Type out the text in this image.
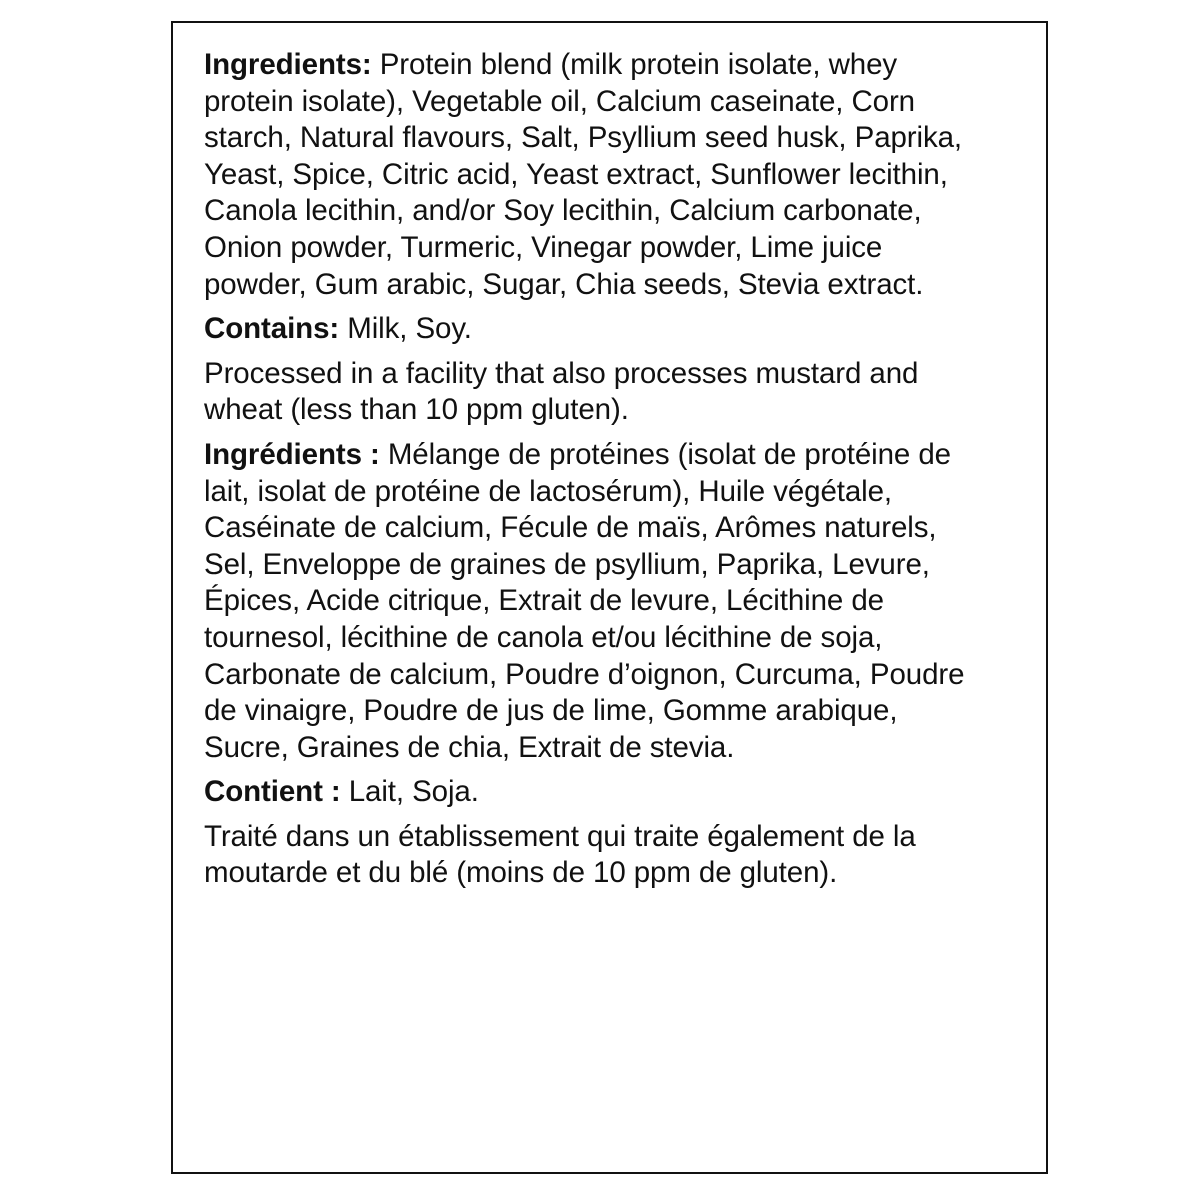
Ingredients: Protein blend (milk protein isolate, whey
protein isolate), Vegetable oil, Calcium caseinate, Corn
starch, Natural flavours, Salt, Psyllium seed husk, Paprika,
Yeast, Spice, Citric acid, Yeast extract, Sunflower lecithin,
Canola lecithin, and/or Soy lecithin, Calcium carbonate,
Onion powder, Turmeric, Vinegar powder, Lime juice
powder, Gum arabic, Sugar, Chia seeds, Stevia extract.
Contains: Milk, Soy.
Processed in a facility that also processes mustard and
wheat (less than 10 ppm gluten).
Ingrédients : Mélange de protéines (isolat de protéine de
lait, isolat de protéine de lactosérum), Huile végétale,
Caséinate de calcium, Fécule de maïs, Arômes naturels,
Sel, Enveloppe de graines de psyllium, Paprika, Levure,
Épices, Acide citrique, Extrait de levure, Lécithine de
tournesol, lécithine de canola et/ou lécithine de soja,
Carbonate de calcium, Poudre d’oignon, Curcuma, Poudre
de vinaigre, Poudre de jus de lime, Gomme arabique,
Sucre, Graines de chia, Extrait de stevia.
Contient : Lait, Soja.
Traité dans un établissement qui traite également de la
moutarde et du blé (moins de 10 ppm de gluten).
